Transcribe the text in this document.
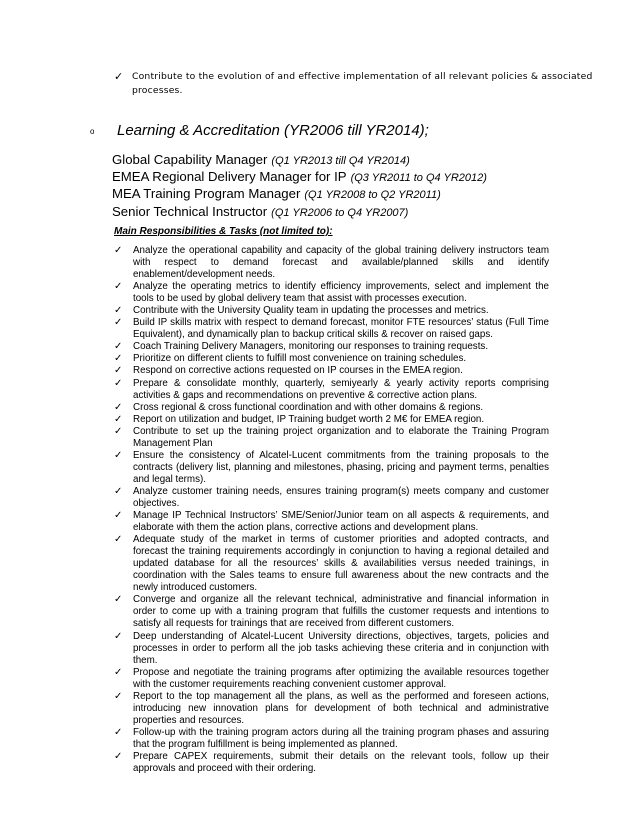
✓ Contribute to the evolution of and effective implementation of all relevant policies & associated processes.
o Learning & Accreditation (YR2006 till YR2014);
Global Capability Manager (Q1 YR2013 till Q4 YR2014)
EMEA Regional Delivery Manager for IP (Q3 YR2011 to Q4 YR2012)
MEA Training Program Manager (Q1 YR2008 to Q2 YR2011)
Senior Technical Instructor (Q1 YR2006 to Q4 YR2007)
Main Responsibilities & Tasks (not limited to):
✓ Analyze the operational capability and capacity of the global training delivery instructors team with respect to demand forecast and available/planned skills and identify enablement/development needs.
✓ Analyze the operating metrics to identify efficiency improvements, select and implement the tools to be used by global delivery team that assist with processes execution.
✓ Contribute with the University Quality team in updating the processes and metrics.
✓ Build IP skills matrix with respect to demand forecast, monitor FTE resources’ status (Full Time Equivalent), and dynamically plan to backup critical skills & recover on raised gaps.
✓ Coach Training Delivery Managers, monitoring our responses to training requests.
✓ Prioritize on different clients to fulfill most convenience on training schedules.
✓ Respond on corrective actions requested on IP courses in the EMEA region.
✓ Prepare & consolidate monthly, quarterly, semiyearly & yearly activity reports comprising activities & gaps and recommendations on preventive & corrective action plans.
✓ Cross regional & cross functional coordination and with other domains & regions.
✓ Report on utilization and budget, IP Training budget worth 2 M€ for EMEA region.
✓ Contribute to set up the training project organization and to elaborate the Training Program Management Plan
✓ Ensure the consistency of Alcatel-Lucent commitments from the training proposals to the contracts (delivery list, planning and milestones, phasing, pricing and payment terms, penalties and legal terms).
✓ Analyze customer training needs, ensures training program(s) meets company and customer objectives.
✓ Manage IP Technical Instructors’ SME/Senior/Junior team on all aspects & requirements, and elaborate with them the action plans, corrective actions and development plans.
✓ Adequate study of the market in terms of customer priorities and adopted contracts, and forecast the training requirements accordingly in conjunction to having a regional detailed and updated database for all the resources’ skills & availabilities versus needed trainings, in coordination with the Sales teams to ensure full awareness about the new contracts and the newly introduced customers.
✓ Converge and organize all the relevant technical, administrative and financial information in order to come up with a training program that fulfills the customer requests and intentions to satisfy all requests for trainings that are received from different customers.
✓ Deep understanding of Alcatel-Lucent University directions, objectives, targets, policies and processes in order to perform all the job tasks achieving these criteria and in conjunction with them.
✓ Propose and negotiate the training programs after optimizing the available resources together with the customer requirements reaching convenient customer approval.
✓ Report to the top management all the plans, as well as the performed and foreseen actions, introducing new innovation plans for development of both technical and administrative properties and resources.
✓ Follow-up with the training program actors during all the training program phases and assuring that the program fulfillment is being implemented as planned.
✓ Prepare CAPEX requirements, submit their details on the relevant tools, follow up their approvals and proceed with their ordering.
